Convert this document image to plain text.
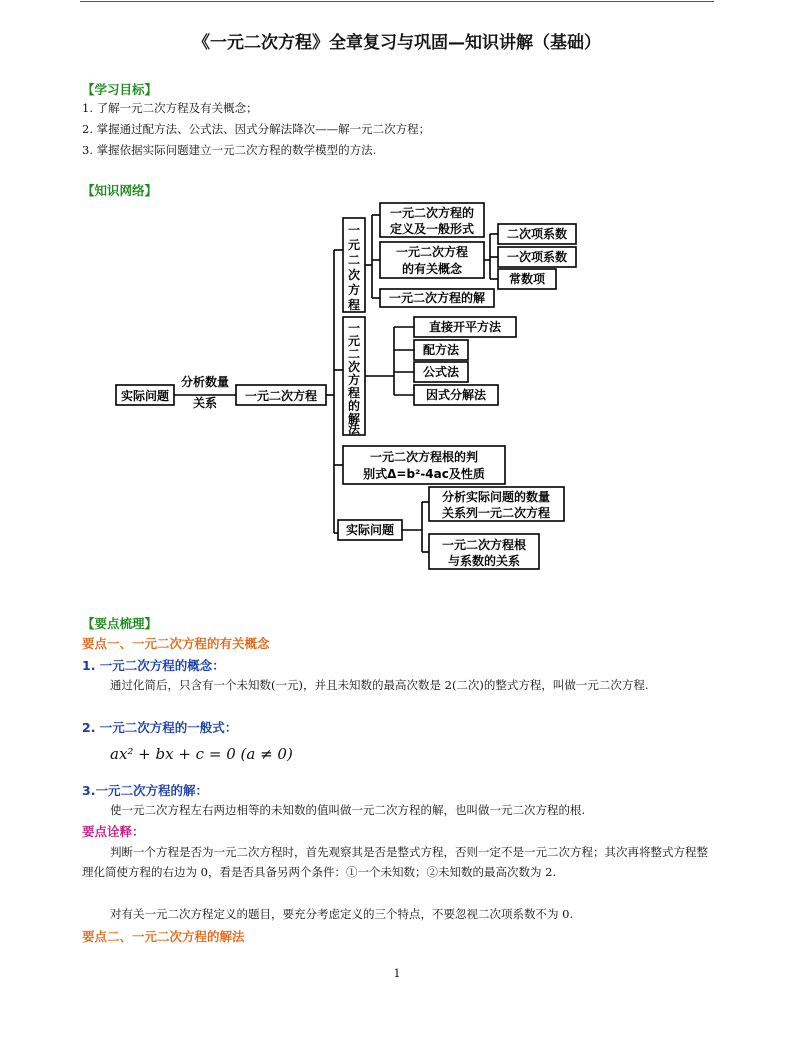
《一元二次方程》全章复习与巩固—知识讲解（基础）
【学习目标】
1. 了解一元二次方程及有关概念；
2. 掌握通过配方法、公式法、因式分解法降次——解一元二次方程；
3. 掌握依据实际问题建立一元二次方程的数学模型的方法.
【知识网络】
实际问题
分析数量
关系 一元二次方程
一
元
二
次
方
程
一元二次方程的
定义及一般形式
一元二次方程
的有关概念
二次项系数
一次项系数
常数项
一元二次方程的解
一
元
二
次
方
程
的
解
法
直接开平方法
配方法
公式法
因式分解法
一元二次方程根的判
别式Δ=b²-4ac及性质
实际问题
分析实际问题的数量
关系列一元二次方程
一元二次方程根
与系数的关系
【要点梳理】
要点一、一元二次方程的有关概念
1. 一元二次方程的概念：
通过化简后，只含有一个未知数(一元)，并且未知数的最高次数是 2(二次)的整式方程，叫做一元二次方程.
2. 一元二次方程的一般式：
ax² + bx + c = 0 (a ≠ 0)
3.一元二次方程的解：
使一元二次方程左右两边相等的未知数的值叫做一元二次方程的解，也叫做一元二次方程的根.
要点诠释：
判断一个方程是否为一元二次方程时，首先观察其是否是整式方程，否则一定不是一元二次方程；其次再将整式方程整理化简使方程的右边为 0，看是否具备另两个条件：①一个未知数；②未知数的最高次数为 2.
对有关一元二次方程定义的题目，要充分考虑定义的三个特点，不要忽视二次项系数不为 0.
要点二、一元二次方程的解法
1
